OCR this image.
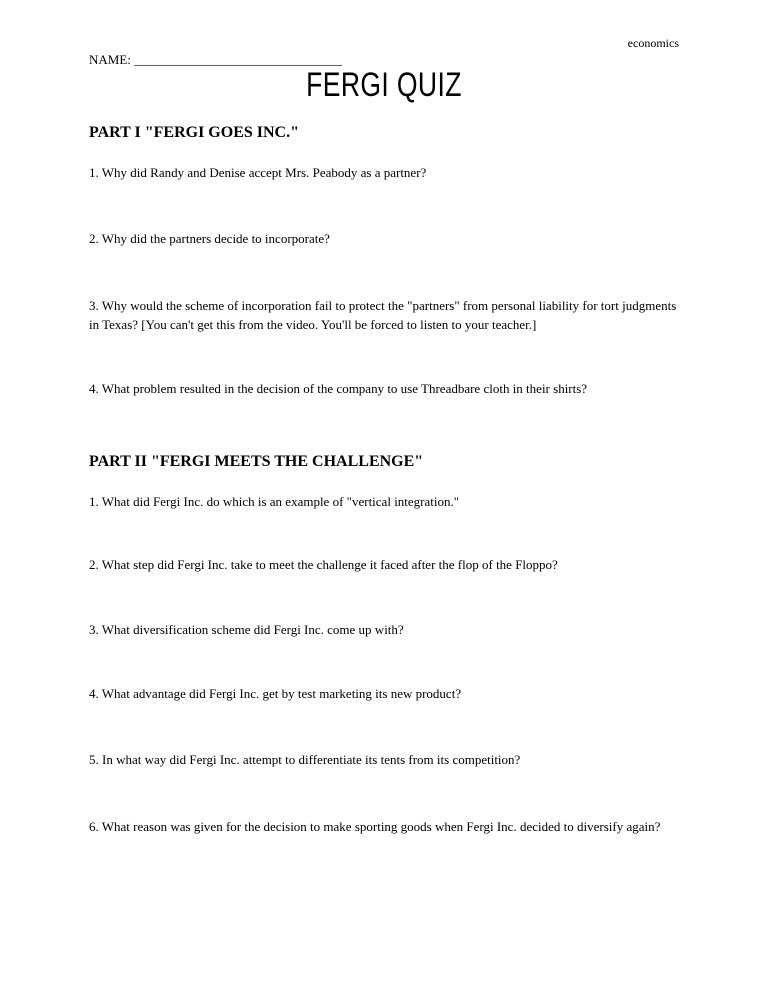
economics
NAME: ________________________________
FERGI QUIZ
PART I "FERGI GOES INC."
1. Why did Randy and Denise accept Mrs. Peabody as a partner?
2. Why did the partners decide to incorporate?
3. Why would the scheme of incorporation fail to protect the "partners" from personal liability for tort judgments in Texas? [You can't get this from the video. You'll be forced to listen to your teacher.]
4. What problem resulted in the decision of the company to use Threadbare cloth in their shirts?
PART II "FERGI MEETS THE CHALLENGE"
1. What did Fergi Inc. do which is an example of "vertical integration."
2. What step did Fergi Inc. take to meet the challenge it faced after the flop of the Floppo?
3. What diversification scheme did Fergi Inc. come up with?
4. What advantage did Fergi Inc. get by test marketing its new product?
5. In what way did Fergi Inc. attempt to differentiate its tents from its competition?
6. What reason was given for the decision to make sporting goods when Fergi Inc. decided to diversify again?
